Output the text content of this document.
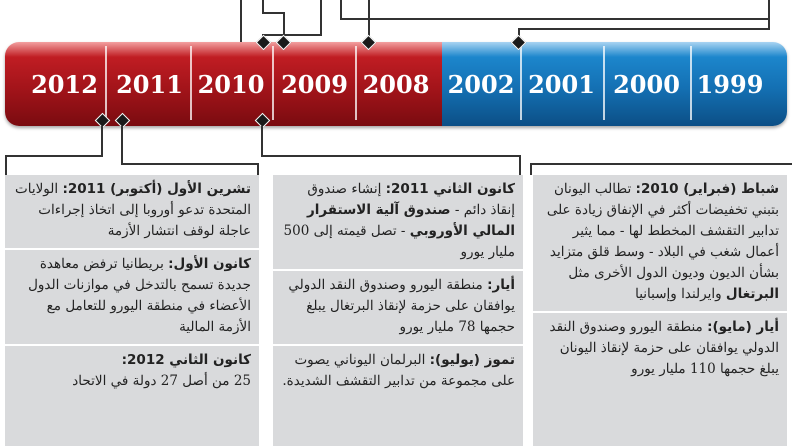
2012 2011 2010 2009 2008 2002 2001 2000 1999
تشرين الأول (أكتوبر) 2011: الولايات المتحدة تدعو أوروبا إلى اتخاذ إجراءات عاجلة لوقف انتشار الأزمة
كانون الأول: بريطانيا ترفض معاهدة جديدة تسمح بالتدخل في موازنات الدول الأعضاء في منطقة اليورو للتعامل مع الأزمة المالية
كانون الثاني 2012:
25 من أصل 27 دولة في الاتحاد
كانون الثاني 2011: إنشاء صندوق إنقاذ دائم - صندوق آلية الاستقرار المالي الأوروبي - تصل قيمته إلى 500 مليار يورو
أيار: منطقة اليورو وصندوق النقد الدولي يوافقان على حزمة لإنقاذ البرتغال يبلغ حجمها 78 مليار يورو
تموز (يوليو): البرلمان اليوناني يصوت على مجموعة من تدابير التقشف الشديدة.
شباط (فبراير) 2010: تطالب اليونان بتبني تخفيضات أكثر في الإنفاق زيادة على تدابير التقشف المخطط لها - مما يثير أعمال شغب في البلاد - وسط قلق متزايد بشأن الديون وديون الدول الأخرى مثل البرتغال وايرلندا وإسبانيا
أيار (مايو): منطقة اليورو وصندوق النقد الدولي يوافقان على حزمة لإنقاذ اليونان يبلغ حجمها 110 مليار يورو
